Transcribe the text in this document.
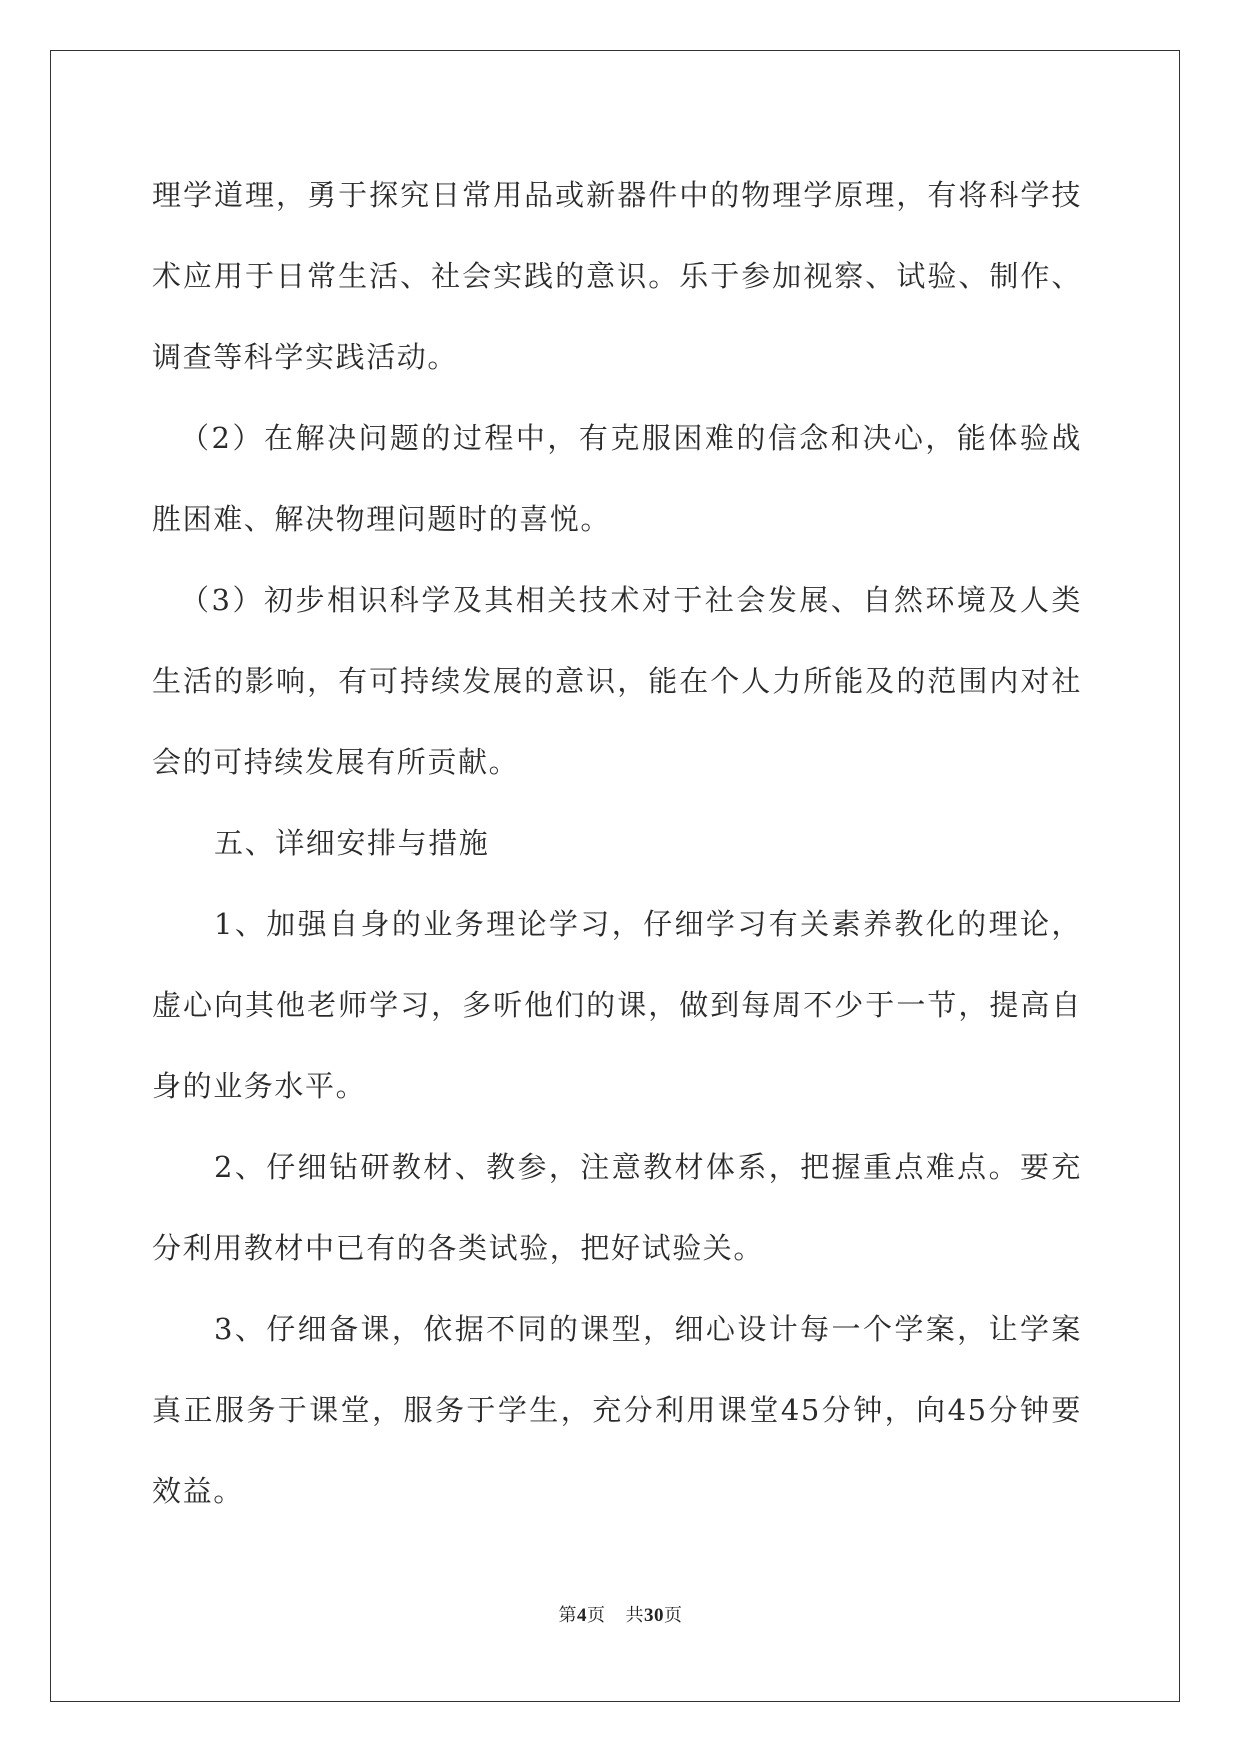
理学道理，勇于探究日常用品或新器件中的物理学原理，有将科学技术应用于日常生活、社会实践的意识。乐于参加视察、试验、制作、调查等科学实践活动。

（2）在解决问题的过程中，有克服困难的信念和决心，能体验战胜困难、解决物理问题时的喜悦。

（3）初步相识科学及其相关技术对于社会发展、自然环境及人类生活的影响，有可持续发展的意识，能在个人力所能及的范围内对社会的可持续发展有所贡献。

五、详细安排与措施

1、加强自身的业务理论学习，仔细学习有关素养教化的理论，虚心向其他老师学习，多听他们的课，做到每周不少于一节，提高自身的业务水平。

2、仔细钻研教材、教参，注意教材体系，把握重点难点。要充分利用教材中已有的各类试验，把好试验关。

3、仔细备课，依据不同的课型，细心设计每一个学案，让学案真正服务于课堂，服务于学生，充分利用课堂45分钟，向45分钟要效益。

第4页 共30页
